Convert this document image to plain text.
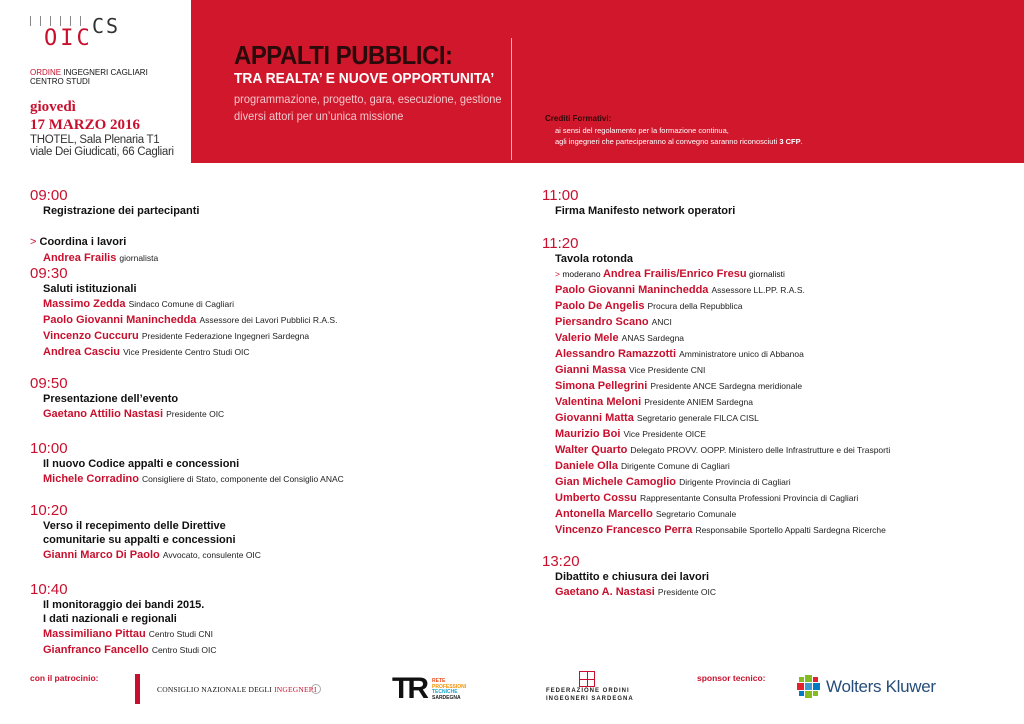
OIC CS
ORDINE INGEGNERI CAGLIARI
CENTRO STUDI
giovedì
17 MARZO 2016
THOTEL, Sala Plenaria T1
viale Dei Giudicati, 66 Cagliari
APPALTI PUBBLICI:
TRA REALTA’ E NUOVE OPPORTUNITA’
programmazione, progetto, gara, esecuzione, gestione
diversi attori per un’unica missione	Crediti Formativi:
ai sensi del regolamento per la formazione continua,
agli ingegneri che parteciperanno al convegno saranno riconosciuti 3 CFP.
09:00
Registrazione dei partecipanti
> Coordina i lavori
Andrea Frailis giornalista
09:30
Saluti istituzionali
Massimo Zedda Sindaco Comune di Cagliari
Paolo Giovanni Maninchedda Assessore dei Lavori Pubblici R.A.S.
Vincenzo Cuccuru Presidente Federazione Ingegneri Sardegna
Andrea Casciu Vice Presidente Centro Studi OIC
09:50
Presentazione dell’evento
Gaetano Attilio Nastasi Presidente OIC
10:00
Il nuovo Codice appalti e concessioni
Michele Corradino Consigliere di Stato, componente del Consiglio ANAC
10:20
Verso il recepimento delle Direttive
comunitarie su appalti e concessioni
Gianni Marco Di Paolo Avvocato, consulente OIC
10:40
Il monitoraggio dei bandi 2015.
I dati nazionali e regionali
Massimiliano Pittau Centro Studi CNI
Gianfranco Fancello Centro Studi OIC
11:00
Firma Manifesto network operatori
11:20
Tavola rotonda
> moderano Andrea Frailis/Enrico Fresu giornalisti
Paolo Giovanni Maninchedda Assessore LL.PP. R.A.S.
Paolo De Angelis Procura della Repubblica
Piersandro Scano ANCI
Valerio Mele ANAS Sardegna
Alessandro Ramazzotti Amministratore unico di Abbanoa
Gianni Massa Vice Presidente CNI
Simona Pellegrini Presidente ANCE Sardegna meridionale
Valentina Meloni Presidente ANIEM Sardegna
Giovanni Matta Segretario generale FILCA CISL
Maurizio Boi Vice Presidente OICE
Walter Quarto Delegato PROVV. OOPP. Ministero delle Infrastrutture e dei Trasporti
Daniele Olla Dirigente Comune di Cagliari
Gian Michele Camoglio Dirigente Provincia di Cagliari
Umberto Cossu Rappresentante Consulta Professioni Provincia di Cagliari
Antonella Marcello Segretario Comunale
Vincenzo Francesco Perra Responsabile Sportello Appalti Sardegna Ricerche
13:20
Dibattito e chiusura dei lavori
Gaetano A. Nastasi Presidente OIC
con il patrocinio:
CONSIGLIO NAZIONALE DEGLI INGEGNERI	TR RETE
PROFESSIONI
TECNICHE
SARDEGNA
FEDERAZIONE ORDINI
INGEGNERI SARDEGNA
sponsor tecnico:	Wolters Kluwer
